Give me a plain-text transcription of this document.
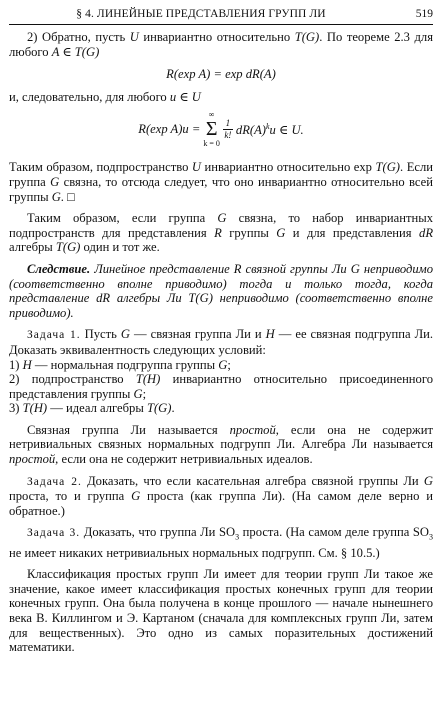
§ 4. ЛИНЕЙНЫЕ ПРЕДСТАВЛЕНИЯ ГРУПП ЛИ	519

2) Обратно, пусть U инвариантно относительно T(G). По теореме 2.3 для любого A ∈ T(G)

R(exp A) = exp dR(A)

и, следовательно, для любого u ∈ U

R(exp A)u =
∞
Σ
k = 0
$\frac{1}{k!} dR(A)^ku$ ∈ U.

Таким образом, подпространство U инвариантно относительно exp T(G). Если группа G связна, то отсюда следует, что оно инвариантно относительно всей группы G. □

Таким образом, если группа G связна, то набор инвариантных подпространств для представления R группы G и для представления dR алгебры T(G) один и тот же.

Следствие. Линейное представление R связной группы Ли G неприводимо (соответственно вполне приводимо) тогда и только тогда, когда представление dR алгебры Ли T(G) неприводимо (соответственно вполне приводимо).

Задача 1. Пусть G — связная группа Ли и H — ее связная подгруппа Ли. Доказать эквивалентность следующих условий:

1) H — нормальная подгруппа группы G;

2) подпространство T(H) инвариантно относительно присоединенного представления группы G;

3) T(H) — идеал алгебры T(G).

Связная группа Ли называется простой, если она не содержит нетривиальных связных нормальных подгрупп Ли. Алгебра Ли называется простой, если она не содержит нетривиальных идеалов.

Задача 2. Доказать, что если касательная алгебра связной группы Ли G проста, то и группа G проста (как группа Ли). (На самом деле верно и обратное.)

Задача 3. Доказать, что группа Ли $SO_3$ проста. (На самом деле группа $SO_3$ не имеет никаких нетривиальных нормальных подгрупп. См. § 10.5.)

Классификация простых групп Ли имеет для теории групп Ли такое же значение, какое имеет классификация простых конечных групп для теории конечных групп. Она была получена в конце прошлого — начале нынешнего века В. Киллингом и Э. Картаном (сначала для комплексных групп Ли, затем для вещественных). Это одно из самых поразительных достижений математики.
